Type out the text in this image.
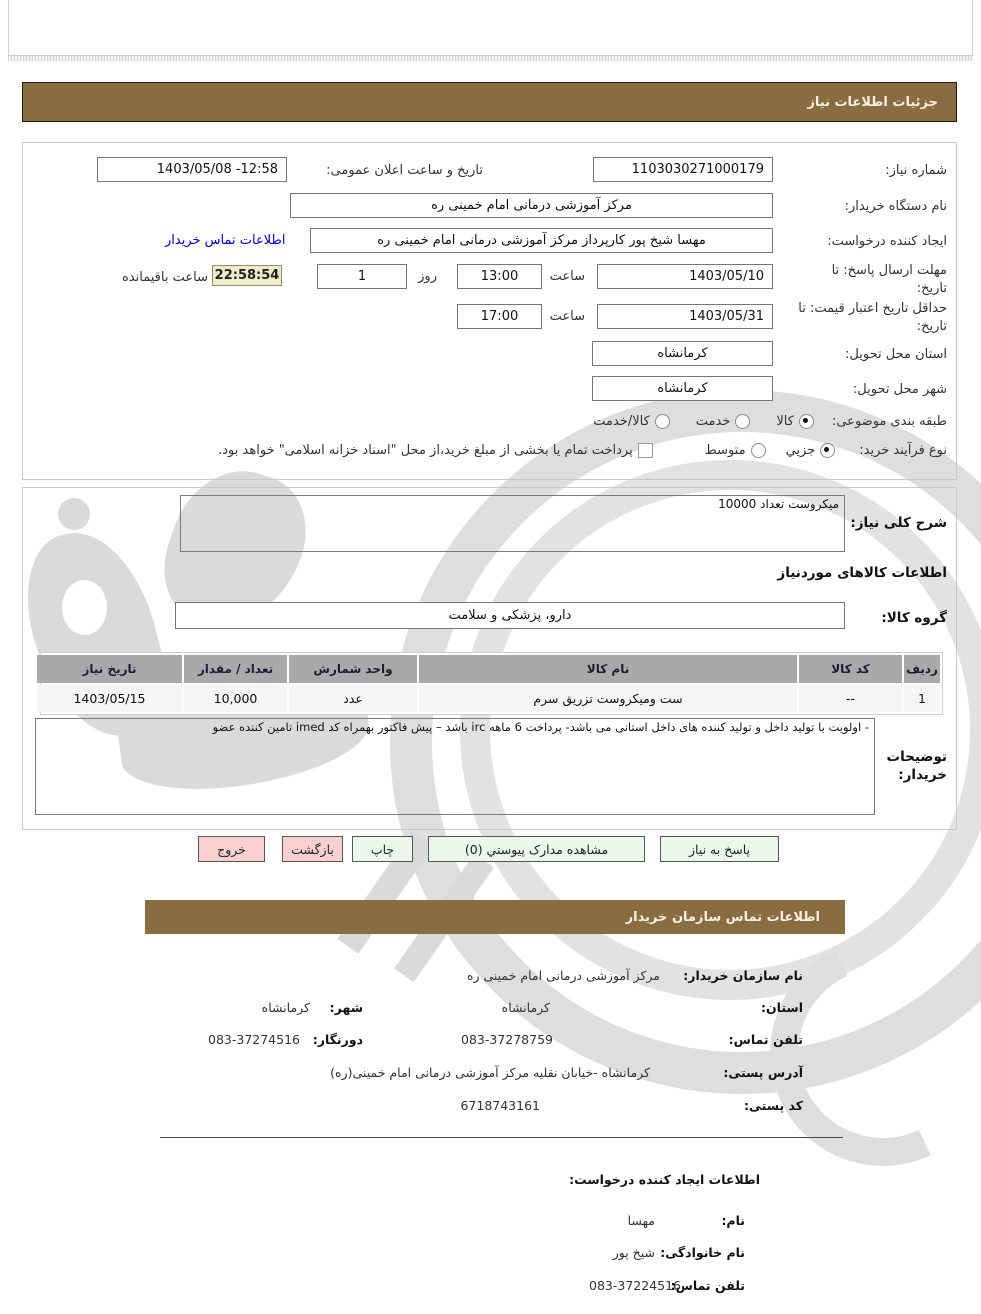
جزئیات اطلاعات نیاز
شماره نیاز:
1103030271000179
تاریخ و ساعت اعلان عمومی:
1403/05/08 -12:58
نام دستگاه خریدار:
مرکز آموزشی درمانی امام خمینی ره
ایجاد کننده درخواست:
مهسا شیخ پور کارپرداز مرکز آموزشی درمانی امام خمینی ره
اطلاعات تماس خریدار
مهلت ارسال پاسخ: تا تاریخ:
1403/05/10
ساعت
13:00
روز
1
22:58:54
ساعت باقیمانده
حداقل تاریخ اعتبار قیمت: تا تاریخ:
1403/05/31
ساعت
17:00
استان محل تحویل:
کرمانشاه
شهر محل تحویل:
کرمانشاه
طبقه بندی موضوعی:
کالا
خدمت
کالا/خدمت
نوع فرآیند خرید:
جزیي
متوسط
پرداخت تمام یا بخشی از مبلغ خرید،از محل "اسناد خزانه اسلامی" خواهد بود.
شرح کلی نیاز:
میکروست تعداد 10000
اطلاعات کالاهای موردنیاز
گروه کالا:
دارو، پزشکی و سلامت
ردیف
کد کالا
نام کالا
واحد شمارش
تعداد / مقدار
تاریخ نیاز
1
--
ست ومیکروست تزریق سرم
عدد
10,000
1403/05/15
- اولویت با تولید داخل و تولید کننده های داخل استانی می باشد- پرداخت 6 ماهه irc باشد – پیش فاکتور بهمراه کد imed تامین کننده عضو
توضیحات خریدار:
پاسخ به نیاز
مشاهده مدارک پیوستي (0)
چاپ
بازگشت
خروج
اطلاعات تماس سازمان خریدار
نام سازمان خریدار:
مرکز آموزشی درمانی امام خمینی ره
استان:
کرمانشاه
شهر:
کرمانشاه
تلفن تماس:
083-37278759
دورنگار:
083-37274516
آدرس پستی:
کرمانشاه -خیابان نقلیه مرکز آموزشی درمانی امام خمینی(ره)
کد پستی:
6718743161
اطلاعات ایجاد کننده درخواست:
نام:
مهسا
نام خانوادگی:
شیخ پور
تلفن تماس:
083-37224516
